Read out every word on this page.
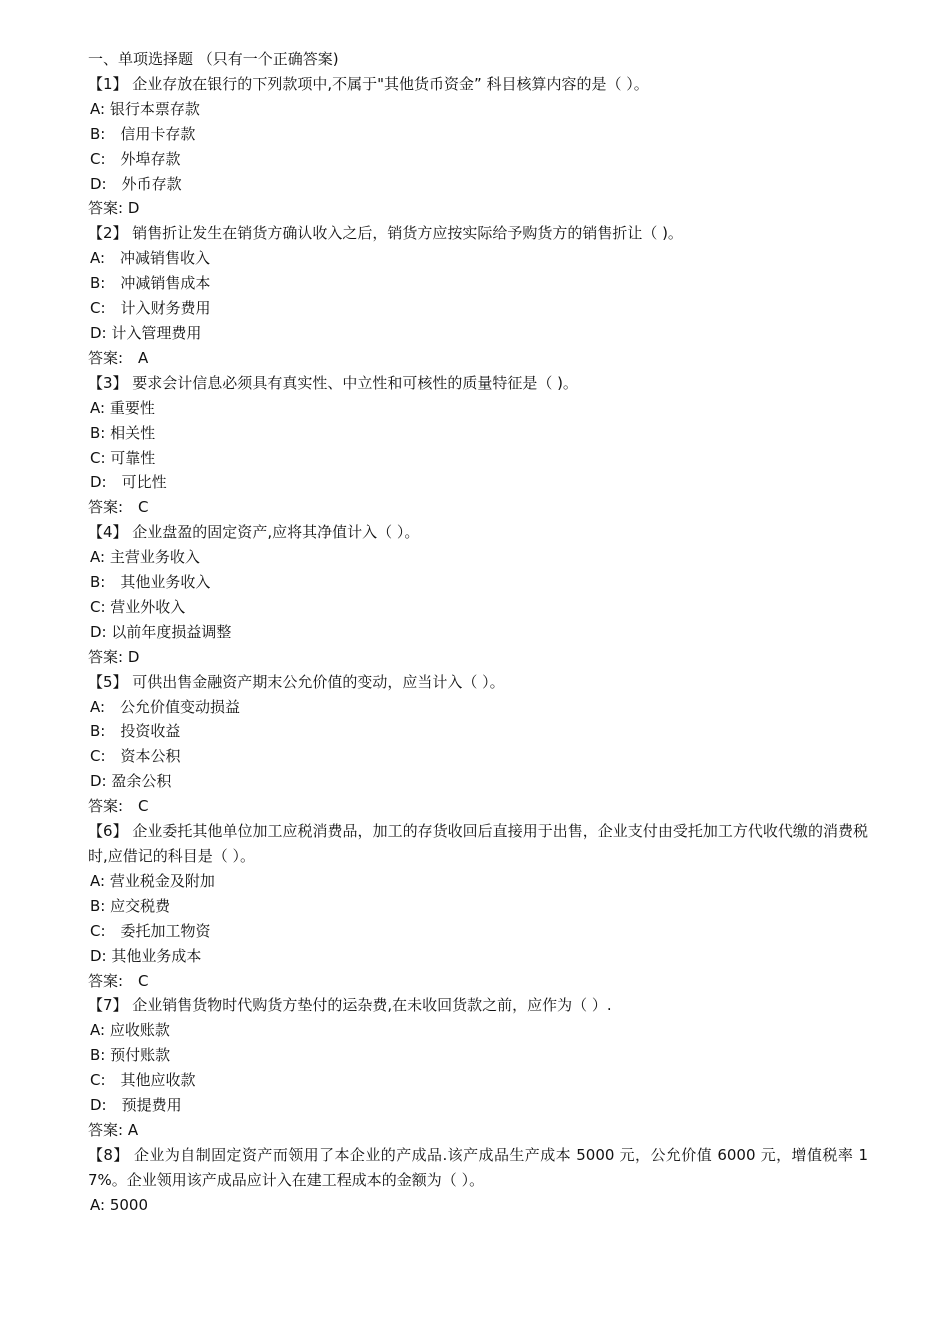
一、单项选择题 （只有一个正确答案)
【1】 企业存放在银行的下列款项中,不属于"其他货币资金” 科目核算内容的是（ ）。
A: 银行本票存款
B:　信用卡存款
C:　外埠存款
D:　外币存款
答案: D
【2】 销售折让发生在销货方确认收入之后，销货方应按实际给予购货方的销售折让（ )。
A:　冲减销售收入
B:　冲减销售成本
C:　计入财务费用
D: 计入管理费用
答案:　A
【3】 要求会计信息必须具有真实性、中立性和可核性的质量特征是（ )。
A: 重要性
B: 相关性
C: 可靠性
D:　可比性
答案:　C
【4】 企业盘盈的固定资产,应将其净值计入（ ）。
A: 主营业务收入
B:　其他业务收入
C: 营业外收入
D: 以前年度损益调整
答案: D
【5】 可供出售金融资产期末公允价值的变动，应当计入（ ）。
A:　公允价值变动损益
B:　投资收益
C:　资本公积
D: 盈余公积
答案:　C
【6】 企业委托其他单位加工应税消费品，加工的存货收回后直接用于出售，企业支付由受托加工方代收代缴的消费税时,应借记的科目是（ ）。
A: 营业税金及附加
B: 应交税费
C:　委托加工物资
D: 其他业务成本
答案:　C
【7】 企业销售货物时代购货方垫付的运杂费,在未收回货款之前，应作为（ ）.
A: 应收账款
B: 预付账款
C:　其他应收款
D:　预提费用
答案: A
【8】 企业为自制固定资产而领用了本企业的产成品.该产成品生产成本 5000 元，公允价值 6000 元，增值税率 17%。企业领用该产成品应计入在建工程成本的金额为（ ）。
A: 5000
